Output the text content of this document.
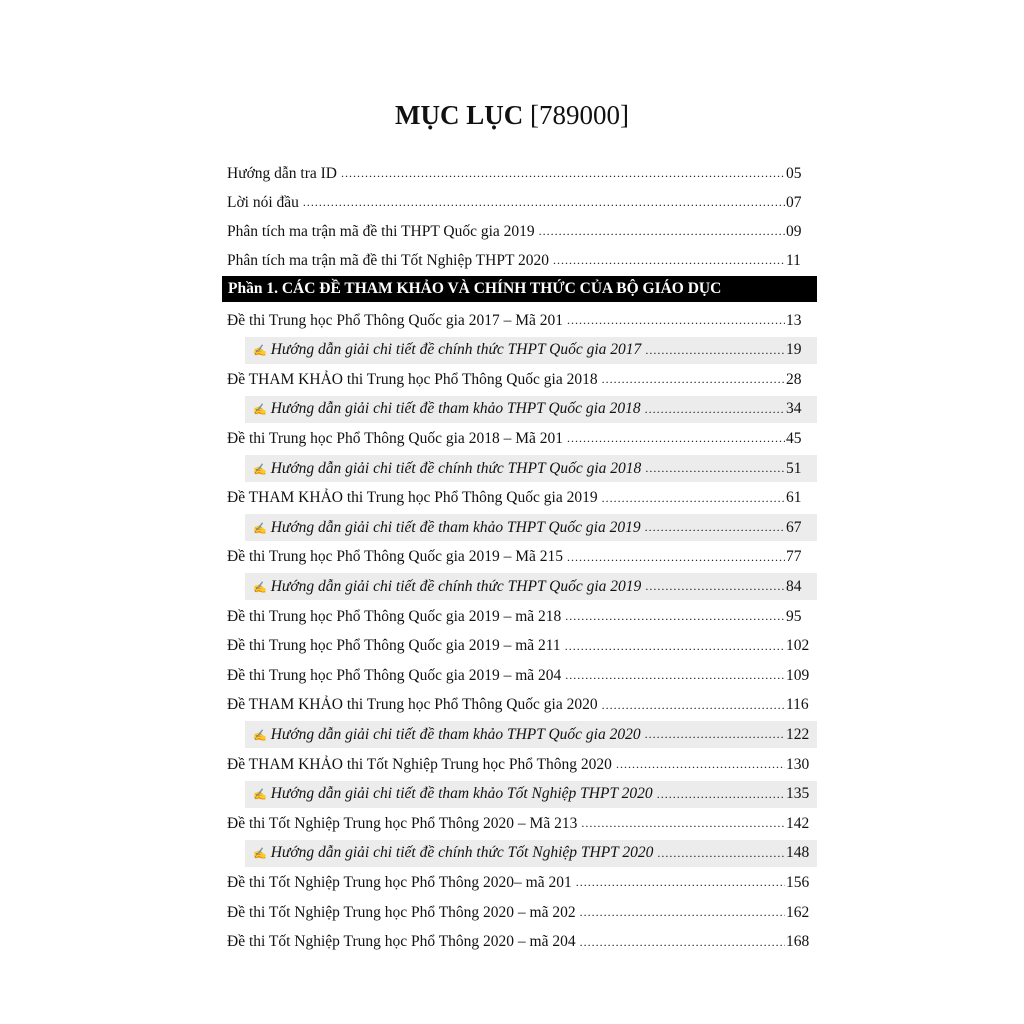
MỤC LỤC [789000]
Hướng dẫn tra ID .....	05
Lời nói đầu .....	07
Phân tích ma trận mã đề thi THPT Quốc gia 2019 .....	09
Phân tích ma trận mã đề thi Tốt Nghiệp THPT 2020 .....	11
Phần 1. CÁC ĐỀ THAM KHẢO VÀ CHÍNH THỨC CỦA BỘ GIÁO DỤC
Đề thi Trung học Phổ Thông Quốc gia 2017 – Mã 201 .....	13
✍ Hướng dẫn giải chi tiết đề chính thức THPT Quốc gia 2017 .....	19
Đề THAM KHẢO thi Trung học Phổ Thông Quốc gia 2018 .....	28
✍ Hướng dẫn giải chi tiết đề tham khảo THPT Quốc gia 2018 .....	34
Đề thi Trung học Phổ Thông Quốc gia 2018 – Mã 201 .....	45
✍ Hướng dẫn giải chi tiết đề chính thức THPT Quốc gia 2018 .....	51
Đề THAM KHẢO thi Trung học Phổ Thông Quốc gia 2019 .....	61
✍ Hướng dẫn giải chi tiết đề tham khảo THPT Quốc gia 2019 .....	67
Đề thi Trung học Phổ Thông Quốc gia 2019 – Mã 215 .....	77
✍ Hướng dẫn giải chi tiết đề chính thức THPT Quốc gia 2019 .....	84
Đề thi Trung học Phổ Thông Quốc gia 2019 – mã 218 .....	95
Đề thi Trung học Phổ Thông Quốc gia 2019 – mã 211 .....	102
Đề thi Trung học Phổ Thông Quốc gia 2019 – mã 204 .....	109
Đề THAM KHẢO thi Trung học Phổ Thông Quốc gia 2020 .....	116
✍ Hướng dẫn giải chi tiết đề tham khảo THPT Quốc gia 2020 .....	122
Đề THAM KHẢO thi Tốt Nghiệp Trung học Phổ Thông 2020 .....	130
✍ Hướng dẫn giải chi tiết đề tham khảo Tốt Nghiệp THPT 2020 .....	135
Đề thi Tốt Nghiệp Trung học Phổ Thông 2020 – Mã 213 .....	142
✍ Hướng dẫn giải chi tiết đề chính thức Tốt Nghiệp THPT 2020 .....	148
Đề thi Tốt Nghiệp Trung học Phổ Thông 2020– mã 201 .....	156
Đề thi Tốt Nghiệp Trung học Phổ Thông 2020 – mã 202 .....	162
Đề thi Tốt Nghiệp Trung học Phổ Thông 2020 – mã 204 .....	168
